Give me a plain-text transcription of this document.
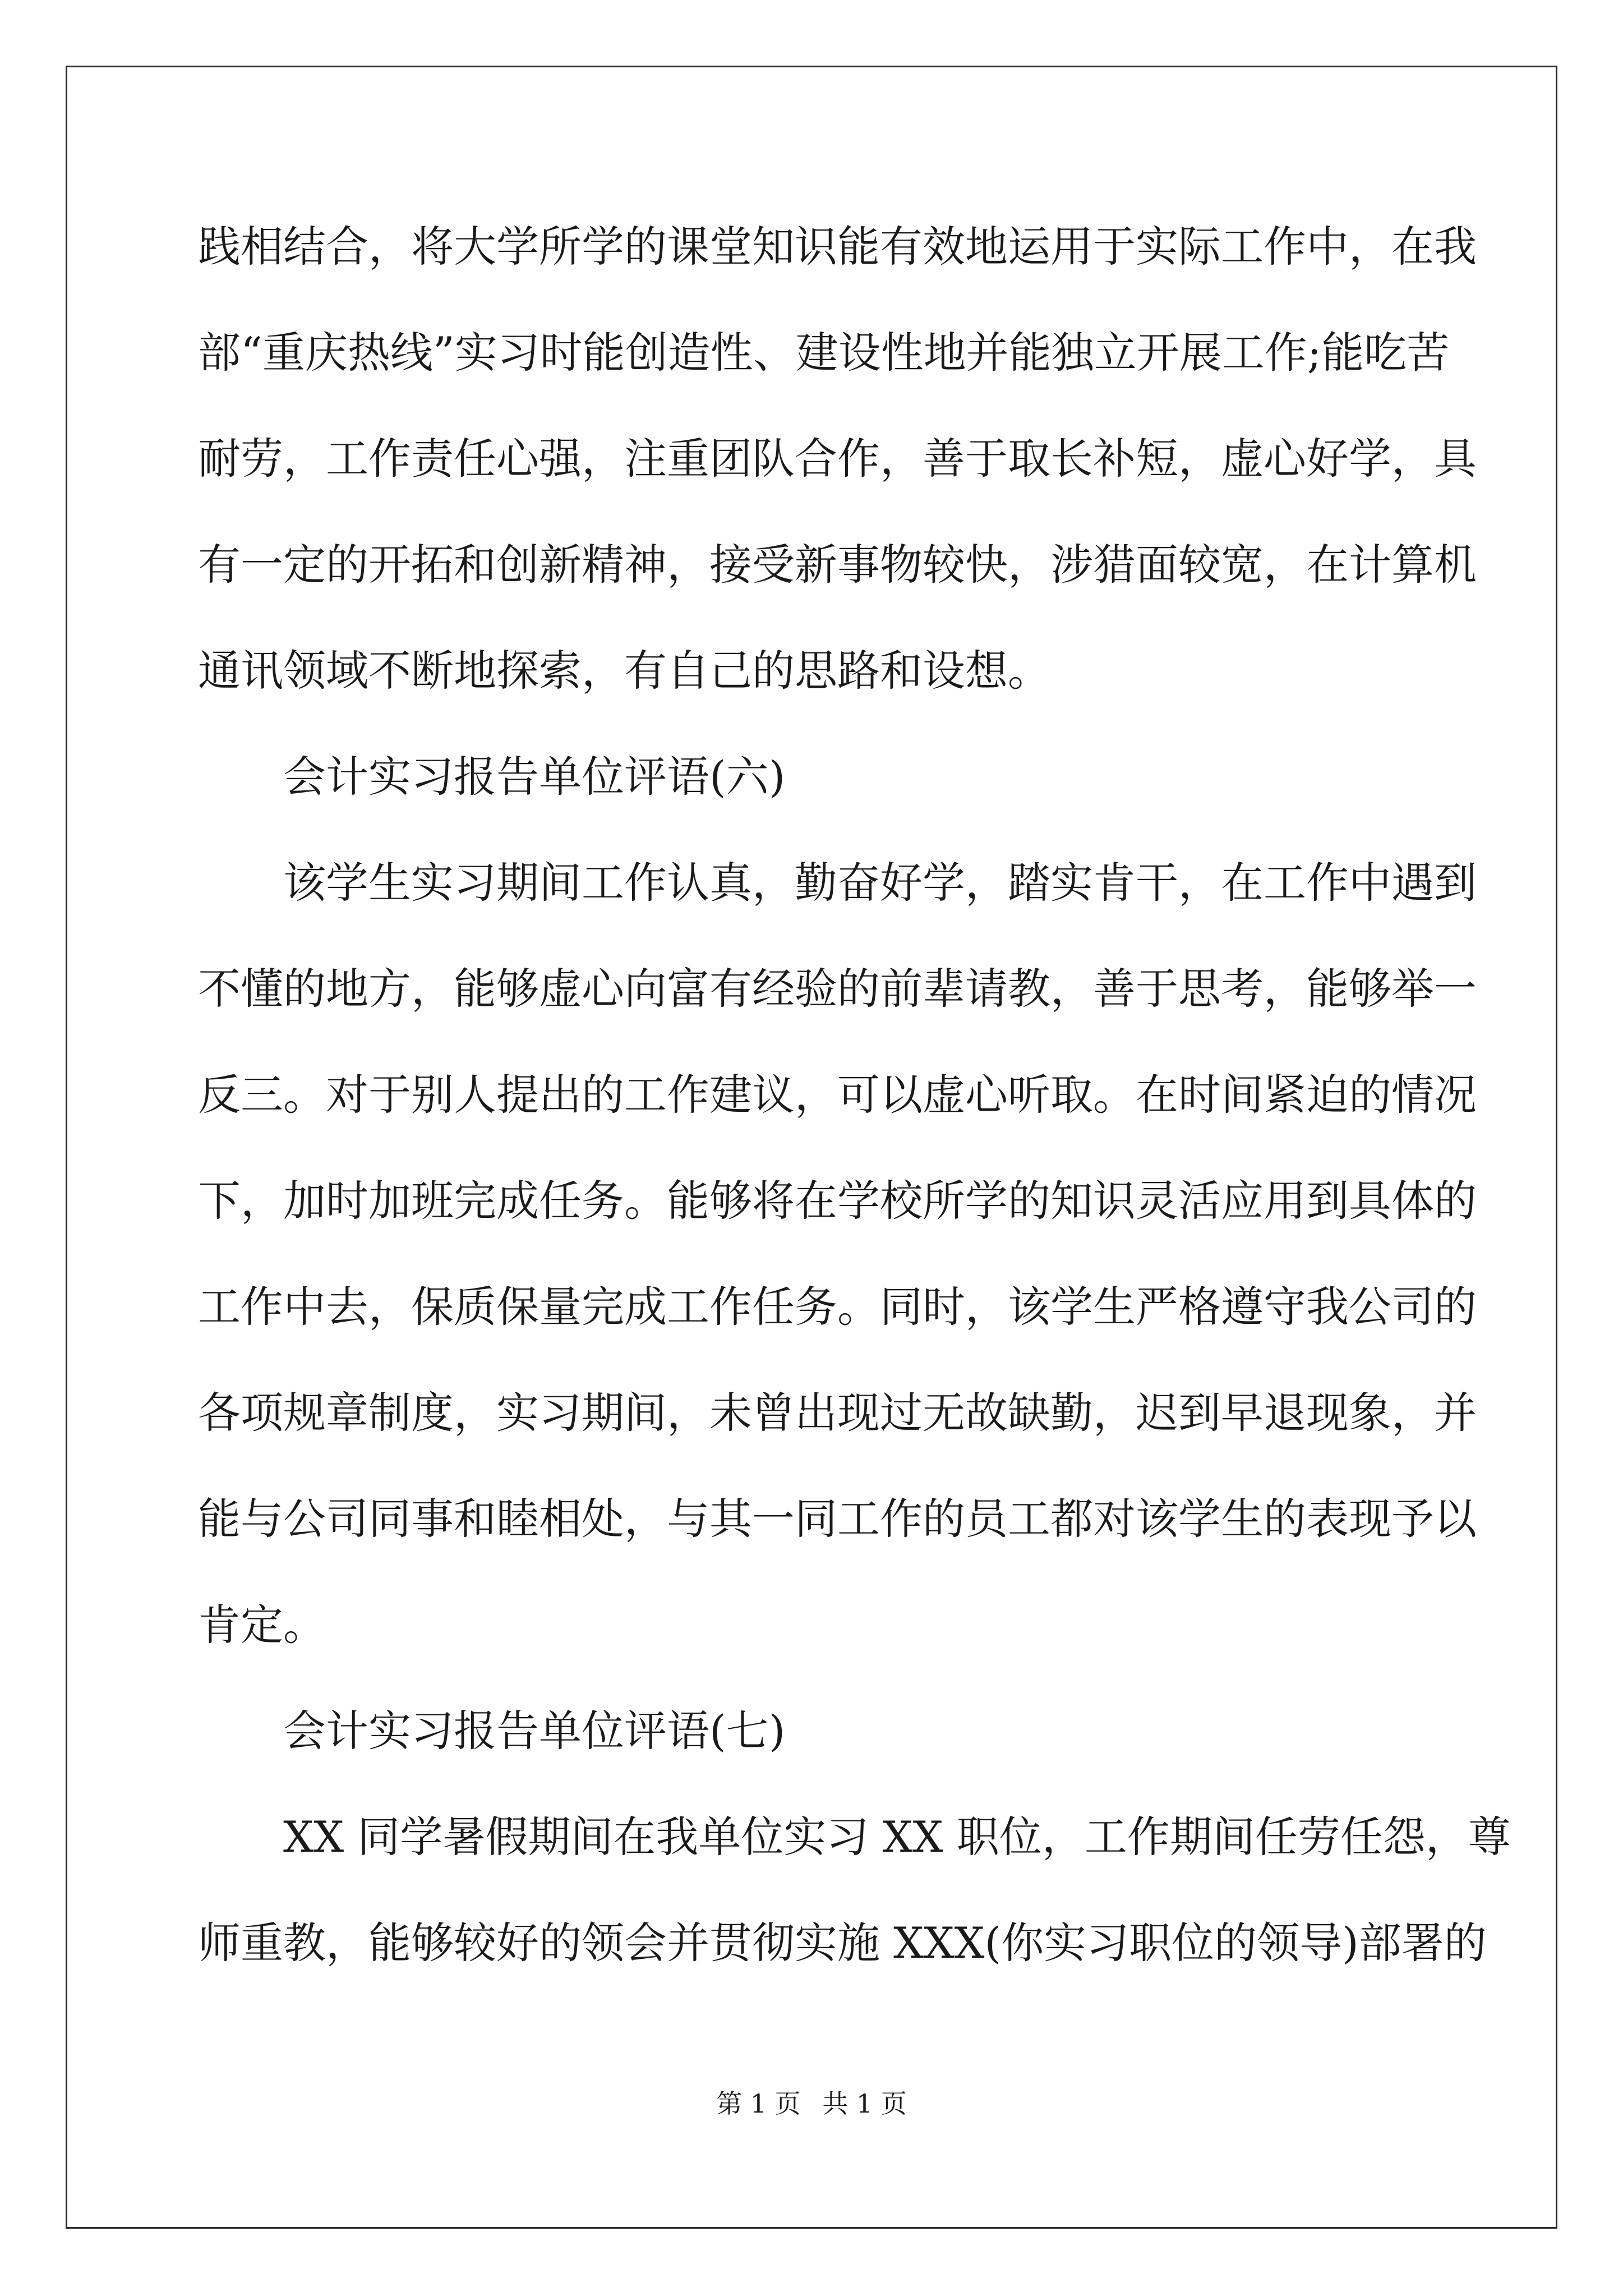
践相结合，将大学所学的课堂知识能有效地运用于实际工作中，在我
部“重庆热线”实习时能创造性、建设性地并能独立开展工作;能吃苦
耐劳，工作责任心强，注重团队合作，善于取长补短，虚心好学，具
有一定的开拓和创新精神，接受新事物较快，涉猎面较宽，在计算机
通讯领域不断地探索，有自己的思路和设想。
会计实习报告单位评语(六)
该学生实习期间工作认真，勤奋好学，踏实肯干，在工作中遇到
不懂的地方，能够虚心向富有经验的前辈请教，善于思考，能够举一
反三。对于别人提出的工作建议，可以虚心听取。在时间紧迫的情况
下，加时加班完成任务。能够将在学校所学的知识灵活应用到具体的
工作中去，保质保量完成工作任务。同时，该学生严格遵守我公司的
各项规章制度，实习期间，未曾出现过无故缺勤，迟到早退现象，并
能与公司同事和睦相处，与其一同工作的员工都对该学生的表现予以
肯定。
会计实习报告单位评语(七)
XX 同学暑假期间在我单位实习 XX 职位，工作期间任劳任怨，尊
师重教，能够较好的领会并贯彻实施 XXX(你实习职位的领导)部署的
第 1 页 共 1 页
